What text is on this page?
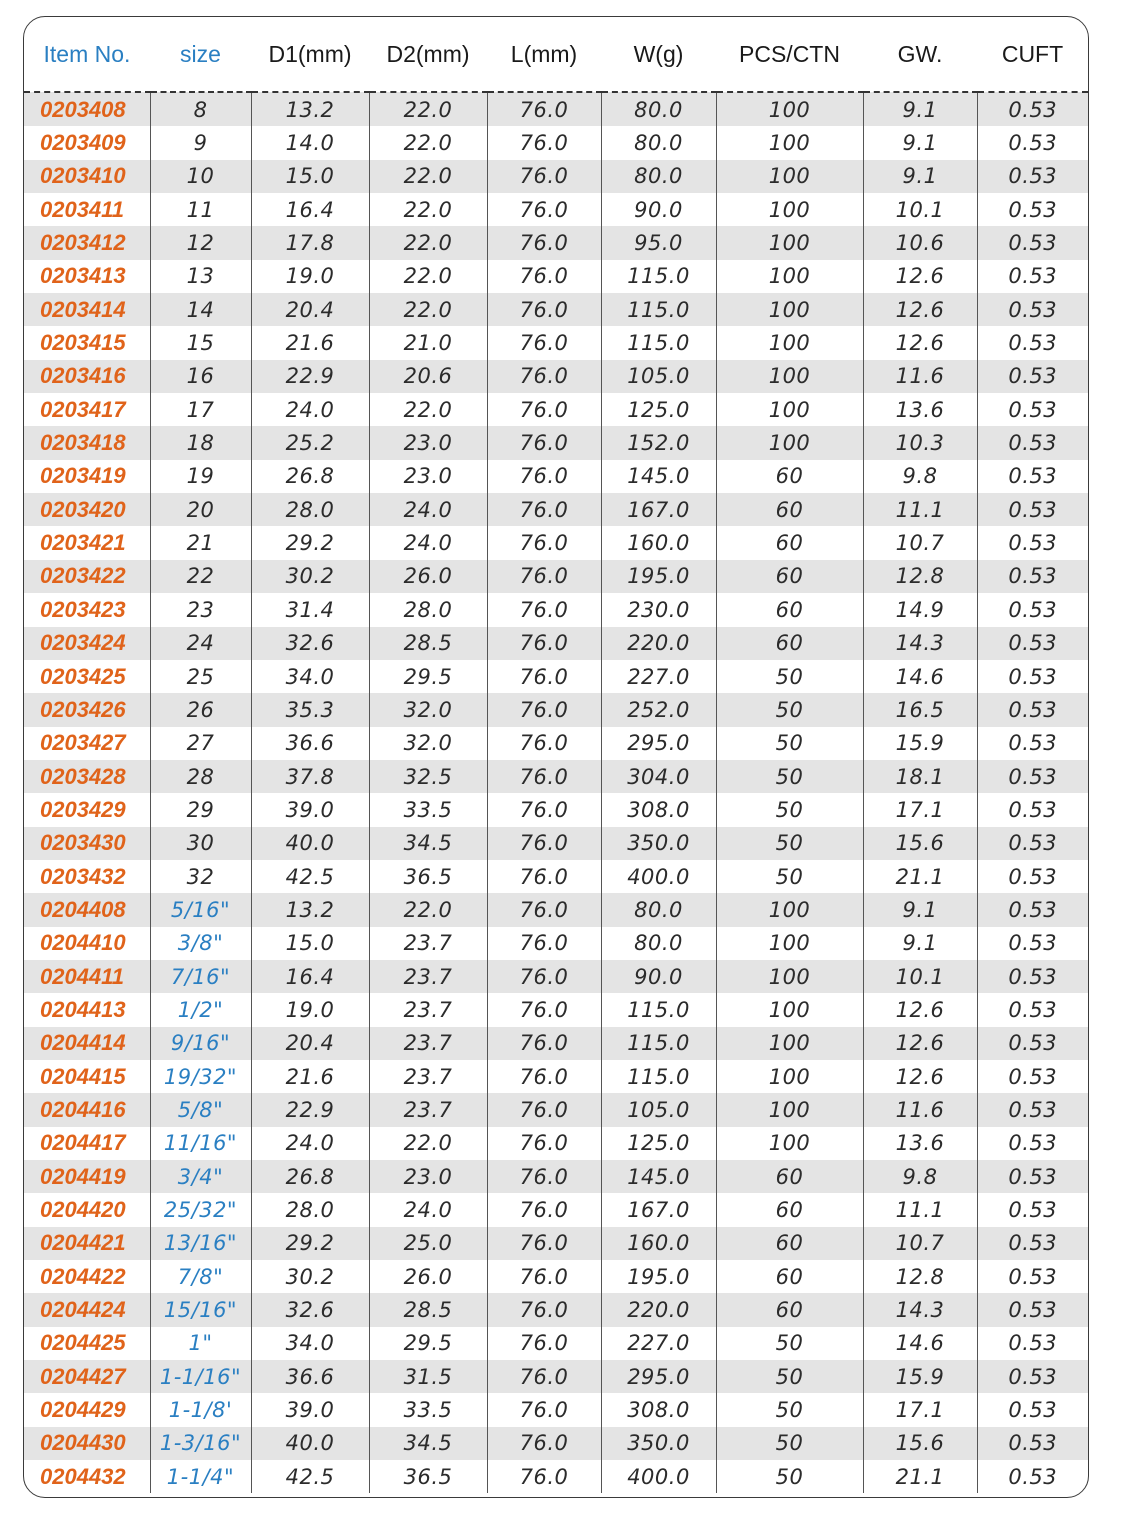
Item No.	size	D1(mm)	D2(mm)	L(mm)	W(g)	PCS/CTN	GW.	CUFT
0203408	8	13.2	22.0	76.0	80.0	100	9.1	0.53
0203409	9	14.0	22.0	76.0	80.0	100	9.1	0.53
0203410	10	15.0	22.0	76.0	80.0	100	9.1	0.53
0203411	11	16.4	22.0	76.0	90.0	100	10.1	0.53
0203412	12	17.8	22.0	76.0	95.0	100	10.6	0.53
0203413	13	19.0	22.0	76.0	115.0	100	12.6	0.53
0203414	14	20.4	22.0	76.0	115.0	100	12.6	0.53
0203415	15	21.6	21.0	76.0	115.0	100	12.6	0.53
0203416	16	22.9	20.6	76.0	105.0	100	11.6	0.53
0203417	17	24.0	22.0	76.0	125.0	100	13.6	0.53
0203418	18	25.2	23.0	76.0	152.0	100	10.3	0.53
0203419	19	26.8	23.0	76.0	145.0	60	9.8	0.53
0203420	20	28.0	24.0	76.0	167.0	60	11.1	0.53
0203421	21	29.2	24.0	76.0	160.0	60	10.7	0.53
0203422	22	30.2	26.0	76.0	195.0	60	12.8	0.53
0203423	23	31.4	28.0	76.0	230.0	60	14.9	0.53
0203424	24	32.6	28.5	76.0	220.0	60	14.3	0.53
0203425	25	34.0	29.5	76.0	227.0	50	14.6	0.53
0203426	26	35.3	32.0	76.0	252.0	50	16.5	0.53
0203427	27	36.6	32.0	76.0	295.0	50	15.9	0.53
0203428	28	37.8	32.5	76.0	304.0	50	18.1	0.53
0203429	29	39.0	33.5	76.0	308.0	50	17.1	0.53
0203430	30	40.0	34.5	76.0	350.0	50	15.6	0.53
0203432	32	42.5	36.5	76.0	400.0	50	21.1	0.53
0204408	5/16"	13.2	22.0	76.0	80.0	100	9.1	0.53
0204410	3/8"	15.0	23.7	76.0	80.0	100	9.1	0.53
0204411	7/16"	16.4	23.7	76.0	90.0	100	10.1	0.53
0204413	1/2"	19.0	23.7	76.0	115.0	100	12.6	0.53
0204414	9/16"	20.4	23.7	76.0	115.0	100	12.6	0.53
0204415	19/32"	21.6	23.7	76.0	115.0	100	12.6	0.53
0204416	5/8"	22.9	23.7	76.0	105.0	100	11.6	0.53
0204417	11/16"	24.0	22.0	76.0	125.0	100	13.6	0.53
0204419	3/4"	26.8	23.0	76.0	145.0	60	9.8	0.53
0204420	25/32"	28.0	24.0	76.0	167.0	60	11.1	0.53
0204421	13/16"	29.2	25.0	76.0	160.0	60	10.7	0.53
0204422	7/8"	30.2	26.0	76.0	195.0	60	12.8	0.53
0204424	15/16"	32.6	28.5	76.0	220.0	60	14.3	0.53
0204425	1"	34.0	29.5	76.0	227.0	50	14.6	0.53
0204427	1-1/16"	36.6	31.5	76.0	295.0	50	15.9	0.53
0204429	1-1/8'	39.0	33.5	76.0	308.0	50	17.1	0.53
0204430	1-3/16"	40.0	34.5	76.0	350.0	50	15.6	0.53
0204432	1-1/4"	42.5	36.5	76.0	400.0	50	21.1	0.53
